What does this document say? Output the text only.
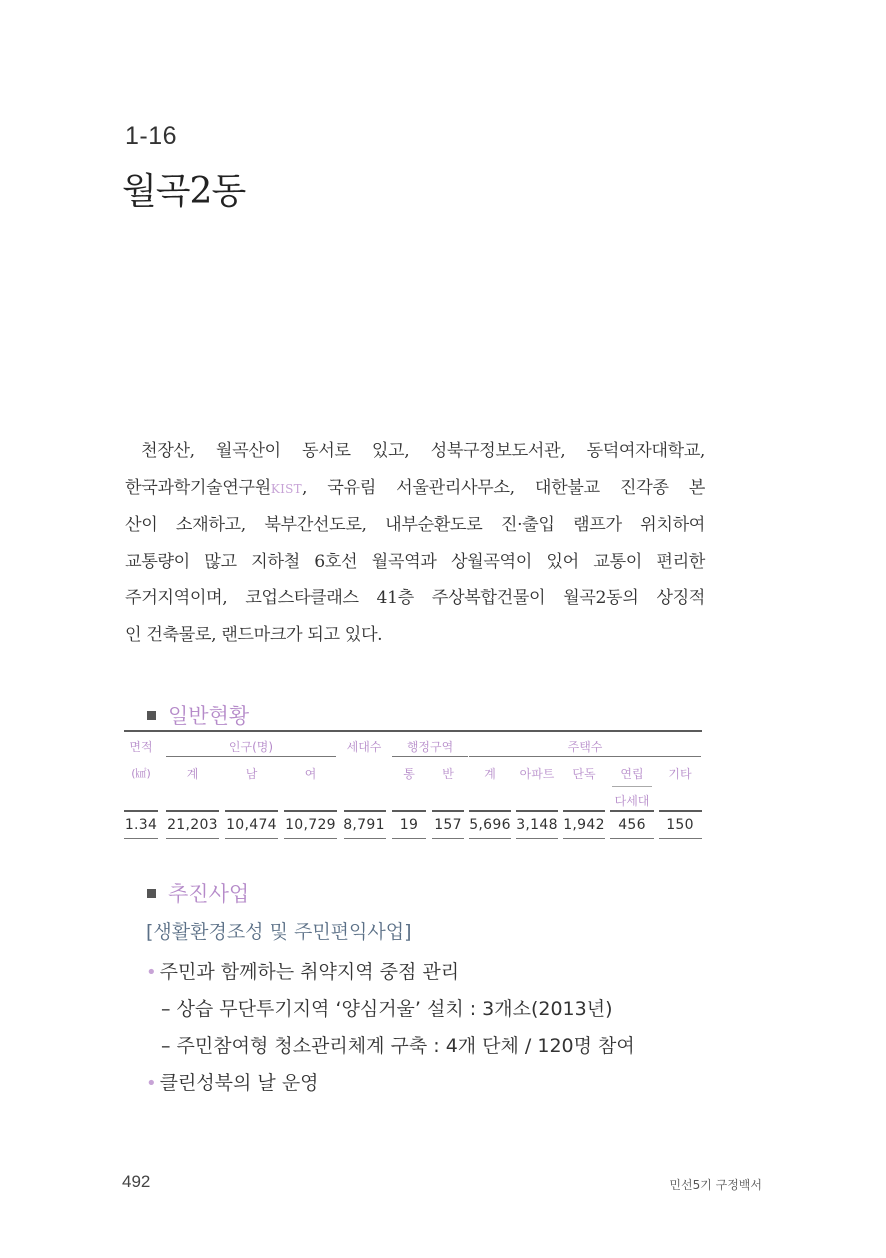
1-16
월곡2동
천장산, 월곡산이 동서로 있고, 성북구정보도서관, 동덕여자대학교,
한국과학기술연구원KIST, 국유림 서울관리사무소, 대한불교 진각종 본
산이 소재하고, 북부간선도로, 내부순환도로 진·출입 램프가 위치하여
교통량이 많고 지하철 6호선 월곡역과 상월곡역이 있어 교통이 편리한
주거지역이며, 코업스타클래스 41층 주상복합건물이 월곡2동의 상징적
인 건축물로, 랜드마크가 되고 있다.
일반현황
면적	인구(명)	세대수	행정구역	주택수
(㎢)	계	남	여	통	반	계	아파트	단독	연립	기타
다세대
1.34 21,203 10,474 10,729 8,791	19	157 5,696 3,148 1,942 456	150
추진사업
[생활환경조성 및 주민편익사업]
• 주민과 함께하는 취약지역 중점 관리
– 상습 무단투기지역 ‘양심거울’ 설치 : 3개소(2013년)
– 주민참여형 청소관리체계 구축 : 4개 단체 / 120명 참여
• 클린성북의 날 운영
492	민선5기 구정백서
